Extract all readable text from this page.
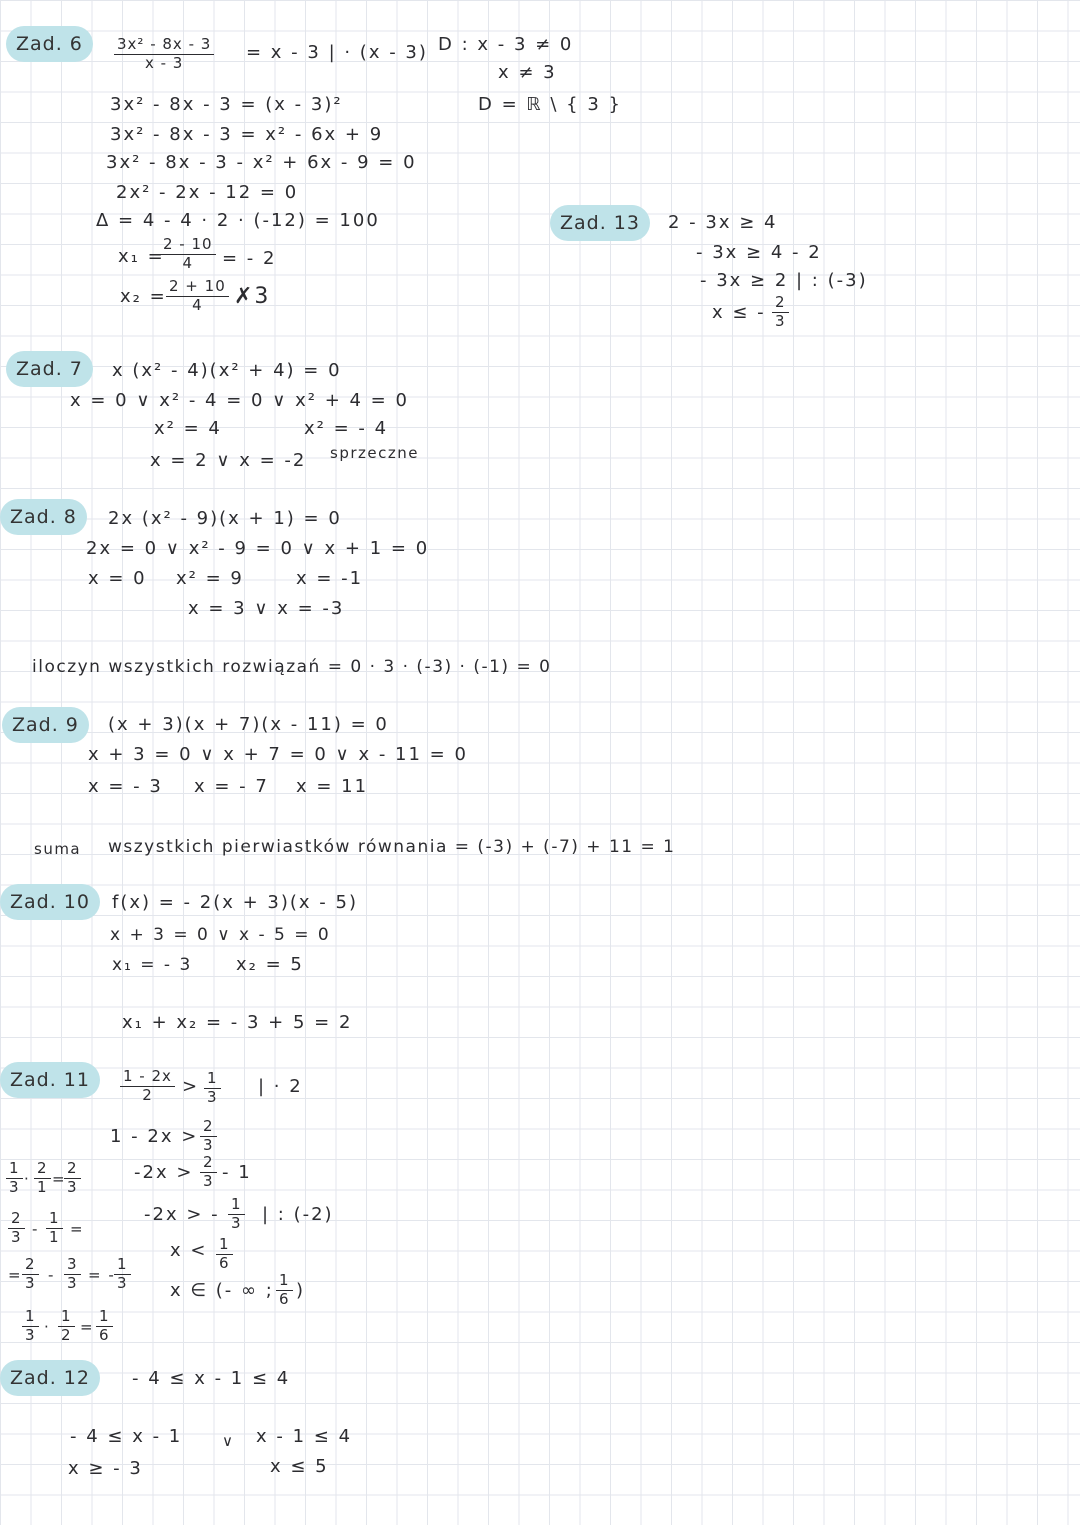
Zad. 6	$\frac{\text{3x² - 8x - 3}}{x - 3} = x - 3$ | · (x - 3) D : x - 3 ≠ 0
x ≠ 3
D = ℝ \ { 3 }
3x² - 8x - 3 = (x - 3)²
3x² - 8x - 3 = x² - 6x + 9
3x² - 8x - 3 - x² + 6x - 9 = 0
2x² - 2x - 12 = 0
Δ = 4 - 4 · 2 · (-12) = 100
x₁ =
$\frac{2 - 10}{4}$ = - 2
$x_2 = \frac{2 + 10}{4}$ ✗3
Zad. 13	2 - 3x ≥ 4
- 3x ≥ 4 - 2
- 3x ≥ 2 | : (-3)
x ≤ - $\frac{2}{3}$
Zad. 7	x (x² - 4)(x² + 4) = 0
x = 0 ∨ x² - 4 = 0 ∨ x² + 4 = 0
x² = 4	x² = - 4
x = 2 ∨ x = -2 sprzeczne
Zad. 8	2x (x² - 9)(x + 1) = 0
2x = 0 ∨ x² - 9 = 0 ∨ x + 1 = 0
x = 0 x² = 9	x = -1
x = 3 ∨ x = -3
iloczyn wszystkich rozwiązań = 0 · 3 · (-3) · (-1) = 0
Zad. 9	(x + 3)(x + 7)(x - 11) = 0
x + 3 = 0 ∨ x + 7 = 0 ∨ x - 11 = 0
x = - 3 x = - 7 x = 11
suma wszystkich pierwiastków równania = (-3) + (-7) + 11 = 1
Zad. 10	f(x) = - 2(x + 3)(x - 5)
x + 3 = 0 ∨ x - 5 = 0
x₁ = - 3 x₂ = 5
x₁ + x₂ = - 3 + 5 = 2
Zad. 11	$\frac{1 - 2x}{2} > \frac{1}{3}$ | · 2
$1 - 2x > \frac{2}{3}$
$-2x > \frac{2}{3} - 1$
-2x > - $\frac{1}{3}$ | : (-2)
$x < \frac{1}{6}$
x ∈ (- ∞ ; $\frac{1}{6}$ )
$\frac{1}{3} \cdot \frac{2}{1}$ =
$\frac{2}{3}$
$\frac{2}{3} - \frac{1}{1}$ =
= $\frac{2}{3} - \frac{3}{3}$ = -
$\frac{1}{3}$
$\frac{1}{3} \cdot \frac{1}{2} = \frac{1}{6}$
Zad. 12	- 4 ≤ x - 1 ≤ 4
- 4 ≤ x - 1	∨ x - 1 ≤ 4
x ≥ - 3	x ≤ 5
